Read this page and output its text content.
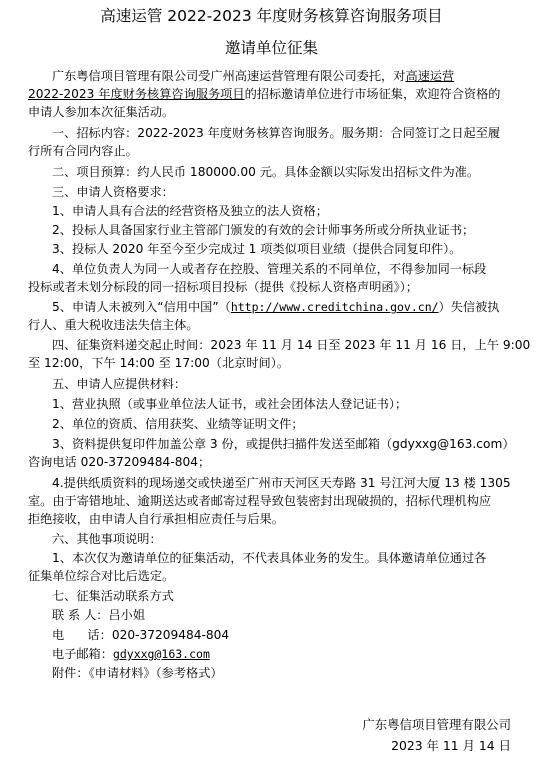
高速运管 2022-2023 年度财务核算咨询服务项目
邀请单位征集
广东粤信项目管理有限公司受广州高速运营管理有限公司委托，对高速运营
2022-2023 年度财务核算咨询服务项目的招标邀请单位进行市场征集，欢迎符合资格的
申请人参加本次征集活动。
一、招标内容：2022-2023 年度财务核算咨询服务。服务期：合同签订之日起至履
行所有合同内容止。
二、项目预算：约人民币 180000.00 元。具体金额以实际发出招标文件为准。
三、申请人资格要求：
1、申请人具有合法的经营资格及独立的法人资格；
2、投标人具备国家行业主管部门颁发的有效的会计师事务所或分所执业证书；
3、投标人 2020 年至今至少完成过 1 项类似项目业绩（提供合同复印件）。
4、单位负责人为同一人或者存在控股、管理关系的不同单位，不得参加同一标段
投标或者未划分标段的同一招标项目投标（提供《投标人资格声明函》）；
5、申请人未被列入“信用中国”（http://www.creditchina.gov.cn/）失信被执
行人、重大税收违法失信主体。
四、征集资料递交起止时间：2023 年 11 月 14 日至 2023 年 11 月 16 日，上午 9:00
至 12:00，下午 14:00 至 17:00（北京时间）。
五、申请人应提供材料：
1、营业执照（或事业单位法人证书，或社会团体法人登记证书）；
2、单位的资质、信用获奖、业绩等证明文件；
3、资料提供复印件加盖公章 3 份，或提供扫描件发送至邮箱（gdyxxg@163.com）
咨询电话 020-37209484-804；
4.提供纸质资料的现场递交或快递至广州市天河区天寿路 31 号江河大厦 13 楼 1305
室。由于寄错地址、逾期送达或者邮寄过程导致包装密封出现破损的，招标代理机构应
拒绝接收，由申请人自行承担相应责任与后果。
六、其他事项说明：
1、本次仅为邀请单位的征集活动，不代表具体业务的发生。具体邀请单位通过各
征集单位综合对比后选定。
七、征集活动联系方式
联 系 人：吕小姐
电      话：020-37209484-804
电子邮箱：gdyxxg@163.com
附件：《申请材料》（参考格式）
广东粤信项目管理有限公司
2023 年 11 月 14 日
